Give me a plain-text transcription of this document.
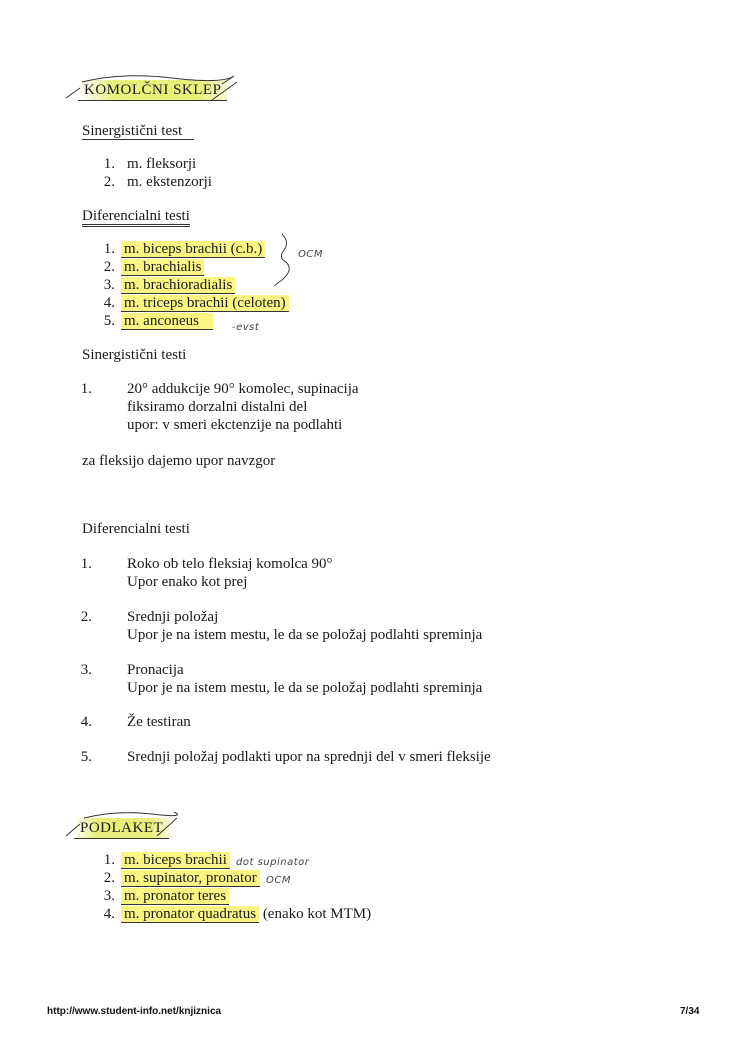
KOMOLČNI SKLEP
Sinergistični test
1. m. fleksorji
2. m. ekstenzorji
Diferencialni testi
1. m. biceps brachii (c.b.)
2. m. brachialis
3. m. brachioradialis
4. m. triceps brachii (celoten)
5. m. anconeus
OCM
-evst
Sinergistični testi
1. 20° addukcije 90° komolec, supinacija
fiksiramo dorzalni distalni del
upor: v smeri ekctenzije na podlahti
za fleksijo dajemo upor navzgor
Diferencialni testi
1. Roko ob telo fleksiaj komolca 90°
Upor enako kot prej
2. Srednji položaj
Upor je na istem mestu, le da se položaj podlahti spreminja
3. Pronacija
Upor je na istem mestu, le da se položaj podlahti spreminja
4. Že testiran
5. Srednji položaj podlakti upor na sprednji del v smeri fleksije
PODLAKET
1. m. biceps brachii dot supinator
2. m. supinator, pronator OCM
3. m. pronator teres
4. m. pronator quadratus (enako kot MTM)
http://www.student-info.net/knjiznica	7/34
